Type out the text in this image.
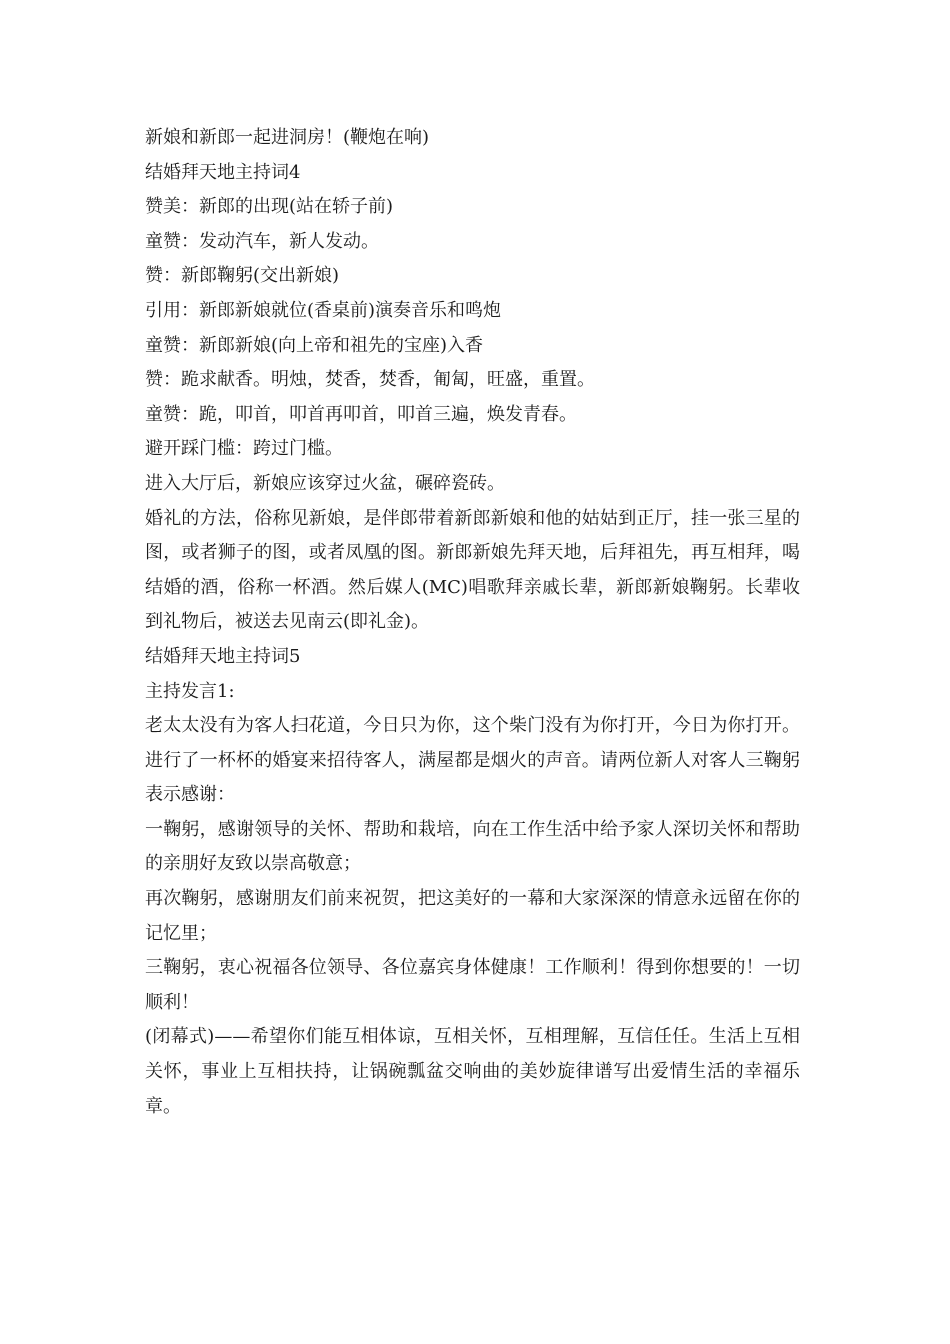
新娘和新郎一起进洞房！(鞭炮在响)

结婚拜天地主持词4

赞美：新郎的出现(站在轿子前)

童赞：发动汽车，新人发动。

赞：新郎鞠躬(交出新娘)

引用：新郎新娘就位(香桌前)演奏音乐和鸣炮

童赞：新郎新娘(向上帝和祖先的宝座)入香

赞：跪求献香。明烛，焚香，焚香，匍匐，旺盛，重置。

童赞：跪，叩首，叩首再叩首，叩首三遍，焕发青春。

避开踩门槛：跨过门槛。

进入大厅后，新娘应该穿过火盆，碾碎瓷砖。

婚礼的方法，俗称见新娘，是伴郎带着新郎新娘和他的姑姑到正厅，挂一张三星的图，或者狮子的图，或者凤凰的图。新郎新娘先拜天地，后拜祖先，再互相拜，喝结婚的酒，俗称一杯酒。然后媒人(MC)唱歌拜亲戚长辈，新郎新娘鞠躬。长辈收到礼物后，被送去见南云(即礼金)。

结婚拜天地主持词5

主持发言1:

老太太没有为客人扫花道，今日只为你，这个柴门没有为你打开，今日为你打开。进行了一杯杯的婚宴来招待客人，满屋都是烟火的声音。请两位新人对客人三鞠躬表示感谢：

一鞠躬，感谢领导的关怀、帮助和栽培，向在工作生活中给予家人深切关怀和帮助的亲朋好友致以崇高敬意；

再次鞠躬，感谢朋友们前来祝贺，把这美好的一幕和大家深深的情意永远留在你的记忆里；

三鞠躬，衷心祝福各位领导、各位嘉宾身体健康！工作顺利！得到你想要的！一切顺利！

(闭幕式)——希望你们能互相体谅，互相关怀，互相理解，互信任任。生活上互相关怀，事业上互相扶持，让锅碗瓢盆交响曲的美妙旋律谱写出爱情生活的幸福乐章。
